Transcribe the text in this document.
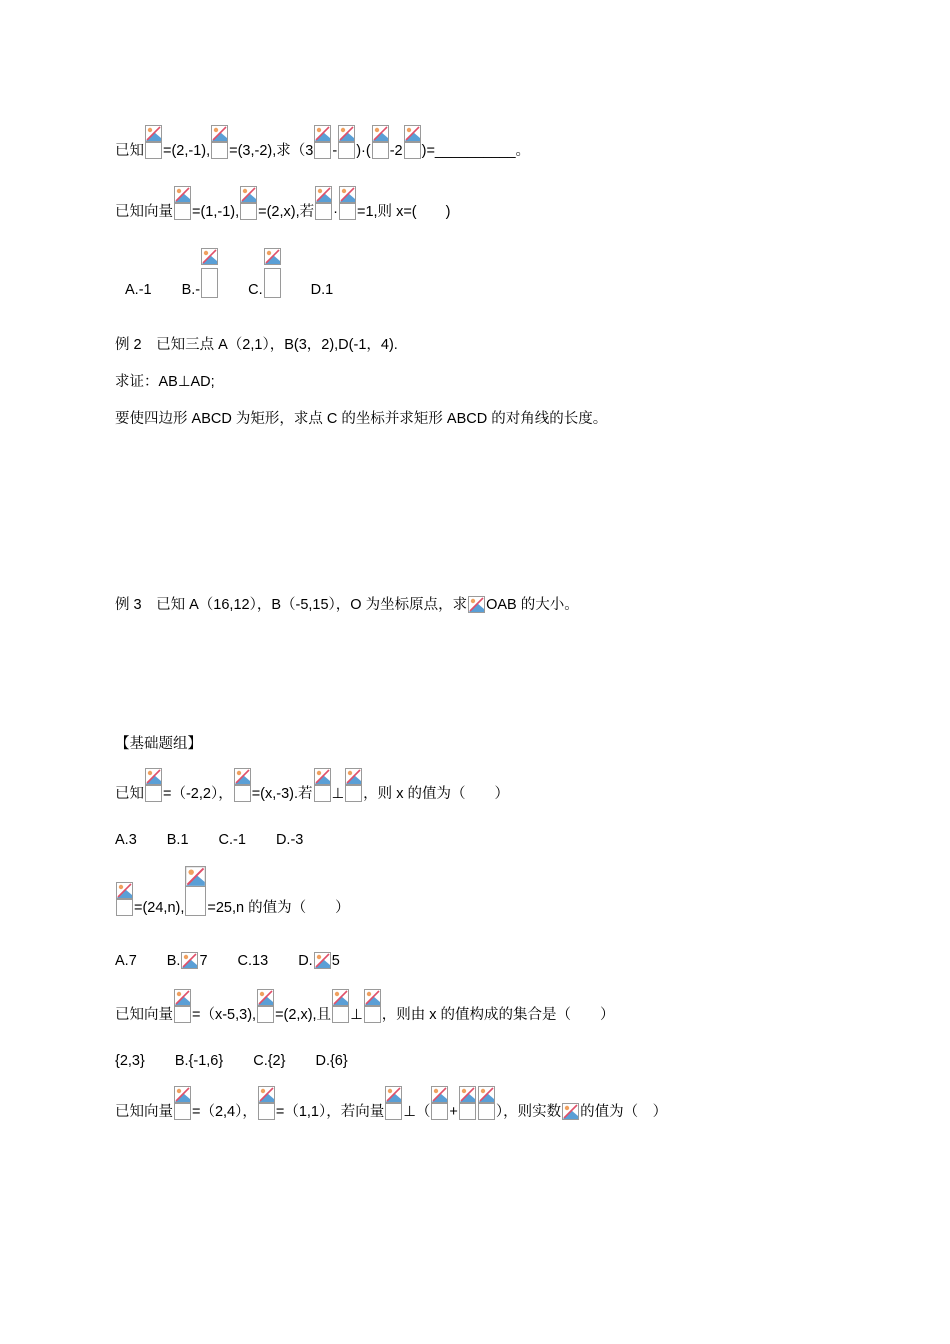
已知 =(2,-1), =(3,-2),求（3 - )·( -2 )=__________。
已知向量 =(1,-1), =(2,x),若 · =1,则 x=(　　)
A.-1 B.-	C.	D.1
例 2　已知三点 A（2,1），B(3，2),D(-1，4).
求证：AB⊥AD;
要使四边形 ABCD 为矩形，求点 C 的坐标并求矩形 ABCD 的对角线的长度。
例 3　已知 A（16,12），B（-5,15），O 为坐标原点，求 OAB 的大小。
【基础题组】
已知 =（-2,2）， =(x,-3).若 ⊥ ，则 x 的值为（　　）
A.3 B.1 C.-1 D.-3
=(24,n), =25,n 的值为（　　）
A.7 B. 7 C.13 D. 5
已知向量 =（x-5,3), =(2,x),且 ⊥ ，则由 x 的值构成的集合是（　　）
{2,3} B.{-1,6} C.{2} D.{6}
已知向量 =（2,4）， =（1,1），若向量 ⊥（ +	），则实数 的值为（　）
